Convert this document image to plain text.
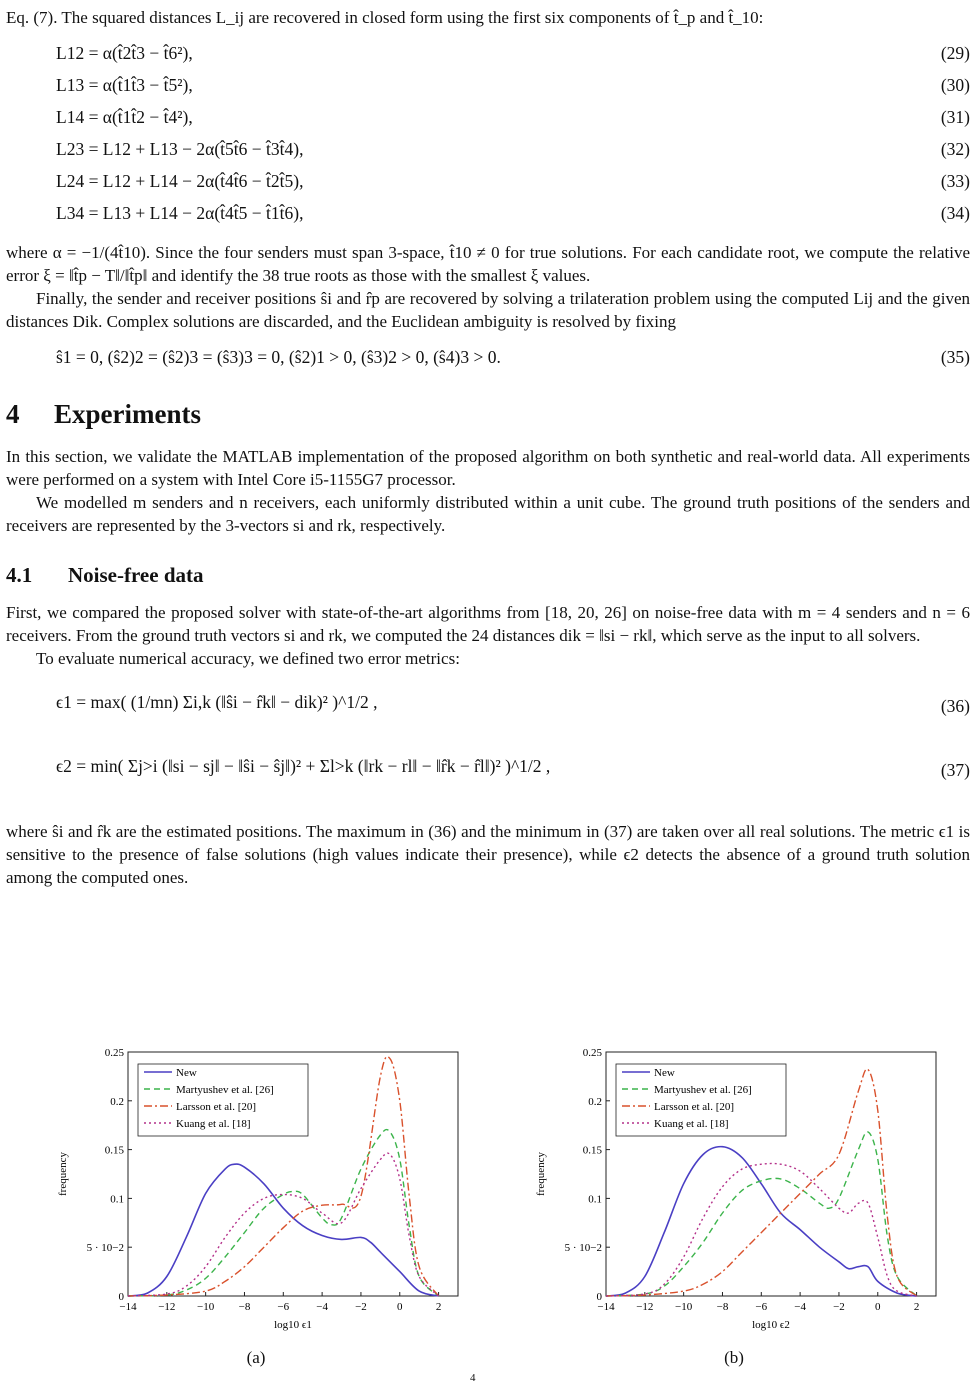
Eq. (7). The squared distances L_ij are recovered in closed form using the first six components of t̂_p and t̂_10:

L12 = α(t̂2t̂3 − t̂6²),	(29)
L13 = α(t̂1t̂3 − t̂5²),	(30)
L14 = α(t̂1t̂2 − t̂4²),	(31)
L23 = L12 + L13 − 2α(t̂5t̂6 − t̂3t̂4),	(32)
L24 = L12 + L14 − 2α(t̂4t̂6 − t̂2t̂5),	(33)
L34 = L13 + L14 − 2α(t̂4t̂5 − t̂1t̂6),	(34)

where α = −1/(4t̂10). Since the four senders must span 3-space, t̂10 ≠ 0 for true solutions. For each candidate root, we compute the relative error ξ = ‖t̂p − T‖/‖t̂p‖ and identify the 38 true roots as those with the smallest ξ values.

Finally, the sender and receiver positions ŝi and r̂p are recovered by solving a trilateration problem using the computed Lij and the given distances Dik. Complex solutions are discarded, and the Euclidean ambiguity is resolved by fixing

ŝ1 = 0, (ŝ2)2 = (ŝ2)3 = (ŝ3)3 = 0, (ŝ2)1 > 0, (ŝ3)2 > 0, (ŝ4)3 > 0.	(35)
4 Experiments

In this section, we validate the MATLAB implementation of the proposed algorithm on both synthetic and real-world data. All experiments were performed on a system with Intel Core i5-1155G7 processor.

We modelled m senders and n receivers, each uniformly distributed within a unit cube. The ground truth positions of the senders and receivers are represented by the 3-vectors si and rk, respectively.

4.1 Noise-free data

First, we compared the proposed solver with state-of-the-art algorithms from [18, 20, 26] on noise-free data with m = 4 senders and n = 6 receivers. From the ground truth vectors si and rk, we computed the 24 distances dik = ‖si − rk‖, which serve as the input to all solvers.

To evaluate numerical accuracy, we defined two error metrics:

ϵ1 = max( (1/mn) Σi,k (‖ŝi − r̂k‖ − dik)² )^1/2 ,	(36)
ϵ2 = min( Σj>i (‖si − sj‖ − ‖ŝi − ŝj‖)² + Σl>k (‖rk − rl‖ − ‖r̂k − r̂l‖)² )^1/2 ,	(37)

where ŝi and r̂k are the estimated positions. The maximum in (36) and the minimum in (37) are taken over all real solutions. The metric ϵ1 is sensitive to the presence of false solutions (high values indicate their presence), while ϵ2 detects the absence of a ground truth solution among the computed ones.

−14 −12 −10 −8 −6 −4 −2	0	2
0
5 · 10−2
0.1
0.15
0.2
0.25
log10 ϵ1
frequency
New
Martyushev et al. [26]
Larsson et al. [20]
Kuang et al. [18]
(a)
−14 −12 −10 −8 −6 −4 −2	0	2
0
5 · 10−2
0.1
0.15
0.2
0.25
log10 ϵ2
frequency
New
Martyushev et al. [26]
Larsson et al. [20]
Kuang et al. [18]
(b)
4
